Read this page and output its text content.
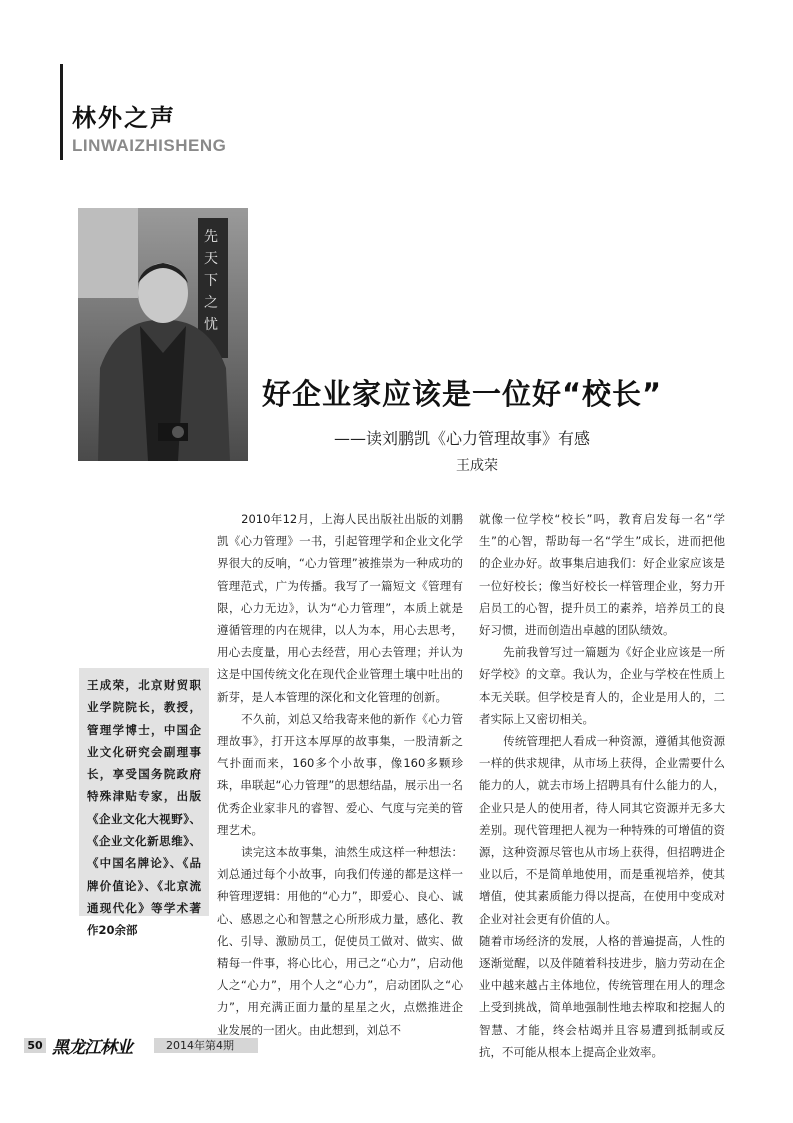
林外之声
LINWAIZHISHENG
先天下之忧
好企业家应该是一位好“校长”
——读刘鹏凯《心力管理故事》有感
王成荣
王成荣，北京财贸职业学院院长，教授，管理学博士，中国企业文化研究会副理事长，享受国务院政府特殊津贴专家，出版《企业文化大视野》、《企业文化新思维》、《中国名牌论》、《品牌价值论》、《北京流通现代化》等学术著作20余部

2010年12月，上海人民出版社出版的刘鹏凯《心力管理》一书，引起管理学和企业文化学界很大的反响，“心力管理”被推崇为一种成功的管理范式，广为传播。我写了一篇短文《管理有限，心力无边》，认为“心力管理”，本质上就是遵循管理的内在规律，以人为本，用心去思考，用心去度量，用心去经营，用心去管理；并认为这是中国传统文化在现代企业管理土壤中吐出的新芽，是人本管理的深化和文化管理的创新。

不久前，刘总又给我寄来他的新作《心力管理故事》，打开这本厚厚的故事集，一股清新之气扑面而来，160多个小故事，像160多颗珍珠，串联起“心力管理”的思想结晶，展示出一名优秀企业家非凡的睿智、爱心、气度与完美的管理艺术。

读完这本故事集，油然生成这样一种想法：刘总通过每个小故事，向我们传递的都是这样一种管理逻辑：用他的“心力”，即爱心、良心、诚心、感恩之心和智慧之心所形成力量，感化、教化、引导、激励员工，促使员工做对、做实、做精每一件事，将心比心，用己之“心力”，启动他人之“心力”，用个人之“心力”，启动团队之“心力”，用充满正面力量的星星之火，点燃推进企业发展的一团火。由此想到，刘总不

就像一位学校“校长”吗，教育启发每一名“学生”的心智，帮助每一名“学生”成长，进而把他的企业办好。故事集启迪我们：好企业家应该是一位好校长；像当好校长一样管理企业，努力开启员工的心智，提升员工的素养，培养员工的良好习惯，进而创造出卓越的团队绩效。

先前我曾写过一篇题为《好企业应该是一所好学校》的文章。我认为，企业与学校在性质上本无关联。但学校是育人的，企业是用人的，二者实际上又密切相关。

传统管理把人看成一种资源，遵循其他资源一样的供求规律，从市场上获得，企业需要什么能力的人，就去市场上招聘具有什么能力的人，企业只是人的使用者，待人同其它资源并无多大差别。现代管理把人视为一种特殊的可增值的资源，这种资源尽管也从市场上获得，但招聘进企业以后，不是简单地使用，而是重视培养，使其增值，使其素质能力得以提高，在使用中变成对企业对社会更有价值的人。

随着市场经济的发展，人格的普遍提高，人性的逐渐觉醒，以及伴随着科技进步，脑力劳动在企业中越来越占主体地位，传统管理在用人的理念上受到挑战，简单地强制性地去榨取和挖掘人的智慧、才能，终会枯竭并且容易遭到抵制或反抗，不可能从根本上提高企业效率。

50 黑龙江林业	2014年第4期
